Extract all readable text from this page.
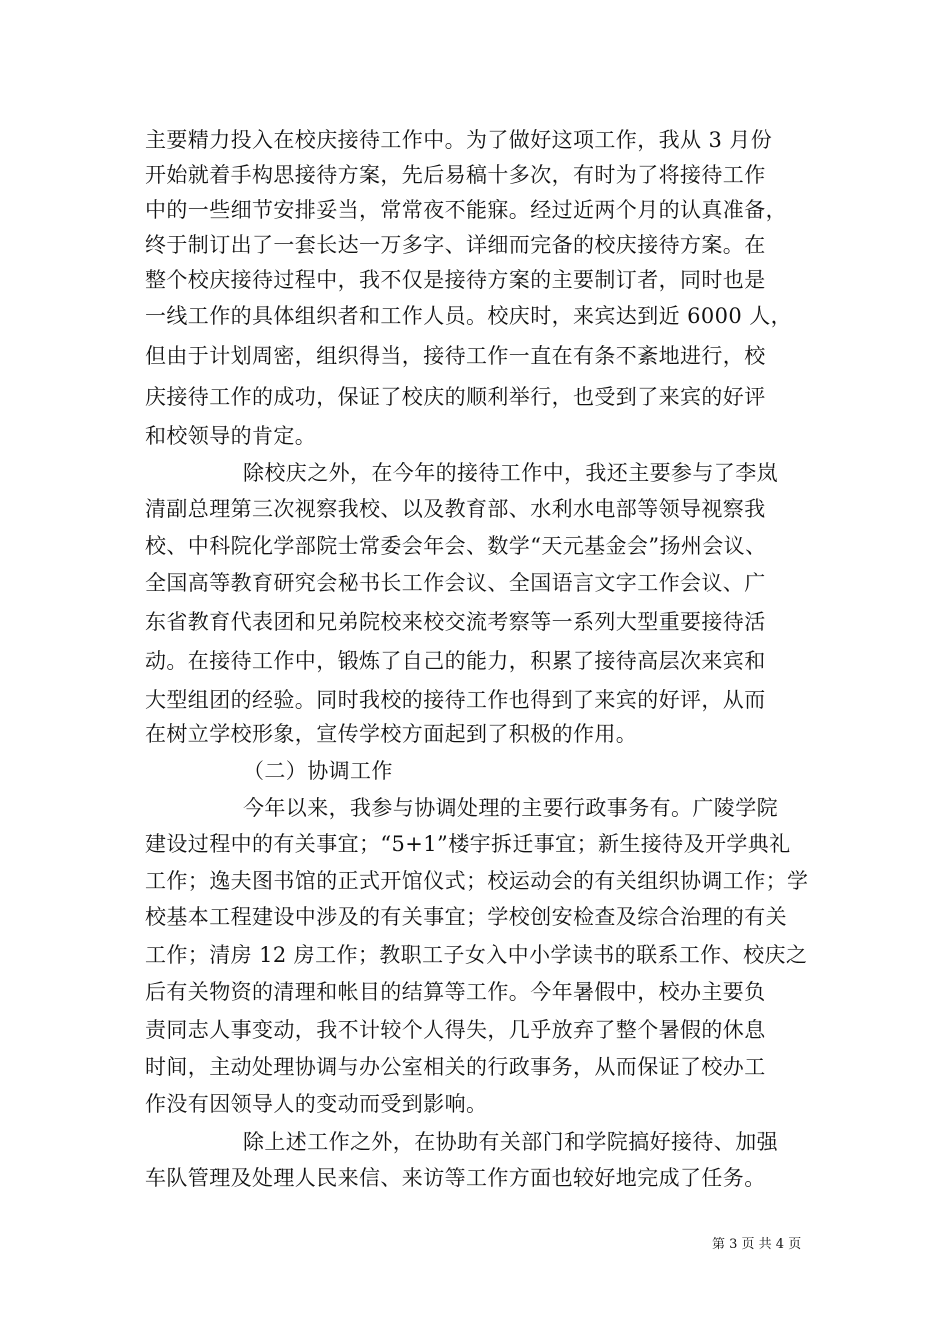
主要精力投入在校庆接待工作中。为了做好这项工作，我从 3 月份
开始就着手构思接待方案，先后易稿十多次，有时为了将接待工作
中的一些细节安排妥当，常常夜不能寐。经过近两个月的认真准备，
终于制订出了一套长达一万多字、详细而完备的校庆接待方案。在
整个校庆接待过程中，我不仅是接待方案的主要制订者，同时也是
一线工作的具体组织者和工作人员。校庆时，来宾达到近 6000 人，
但由于计划周密，组织得当，接待工作一直在有条不紊地进行，校
庆接待工作的成功，保证了校庆的顺利举行，也受到了来宾的好评
和校领导的肯定。
除校庆之外，在今年的接待工作中，我还主要参与了李岚
清副总理第三次视察我校、以及教育部、水利水电部等领导视察我
校、中科院化学部院士常委会年会、数学“天元基金会”扬州会议、
全国高等教育研究会秘书长工作会议、全国语言文字工作会议、广
东省教育代表团和兄弟院校来校交流考察等一系列大型重要接待活
动。在接待工作中，锻炼了自己的能力，积累了接待高层次来宾和
大型组团的经验。同时我校的接待工作也得到了来宾的好评，从而
在树立学校形象，宣传学校方面起到了积极的作用。
（二）协调工作
今年以来，我参与协调处理的主要行政事务有。广陵学院
建设过程中的有关事宜；“5+1”楼宇拆迁事宜；新生接待及开学典礼
工作；逸夫图书馆的正式开馆仪式；校运动会的有关组织协调工作；学
校基本工程建设中涉及的有关事宜；学校创安检查及综合治理的有关
工作；清房 12 房工作；教职工子女入中小学读书的联系工作、校庆之
后有关物资的清理和帐目的结算等工作。今年暑假中，校办主要负
责同志人事变动，我不计较个人得失，几乎放弃了整个暑假的休息
时间，主动处理协调与办公室相关的行政事务，从而保证了校办工
作没有因领导人的变动而受到影响。
除上述工作之外，在协助有关部门和学院搞好接待、加强
车队管理及处理人民来信、来访等工作方面也较好地完成了任务。
第 3 页 共 4 页
